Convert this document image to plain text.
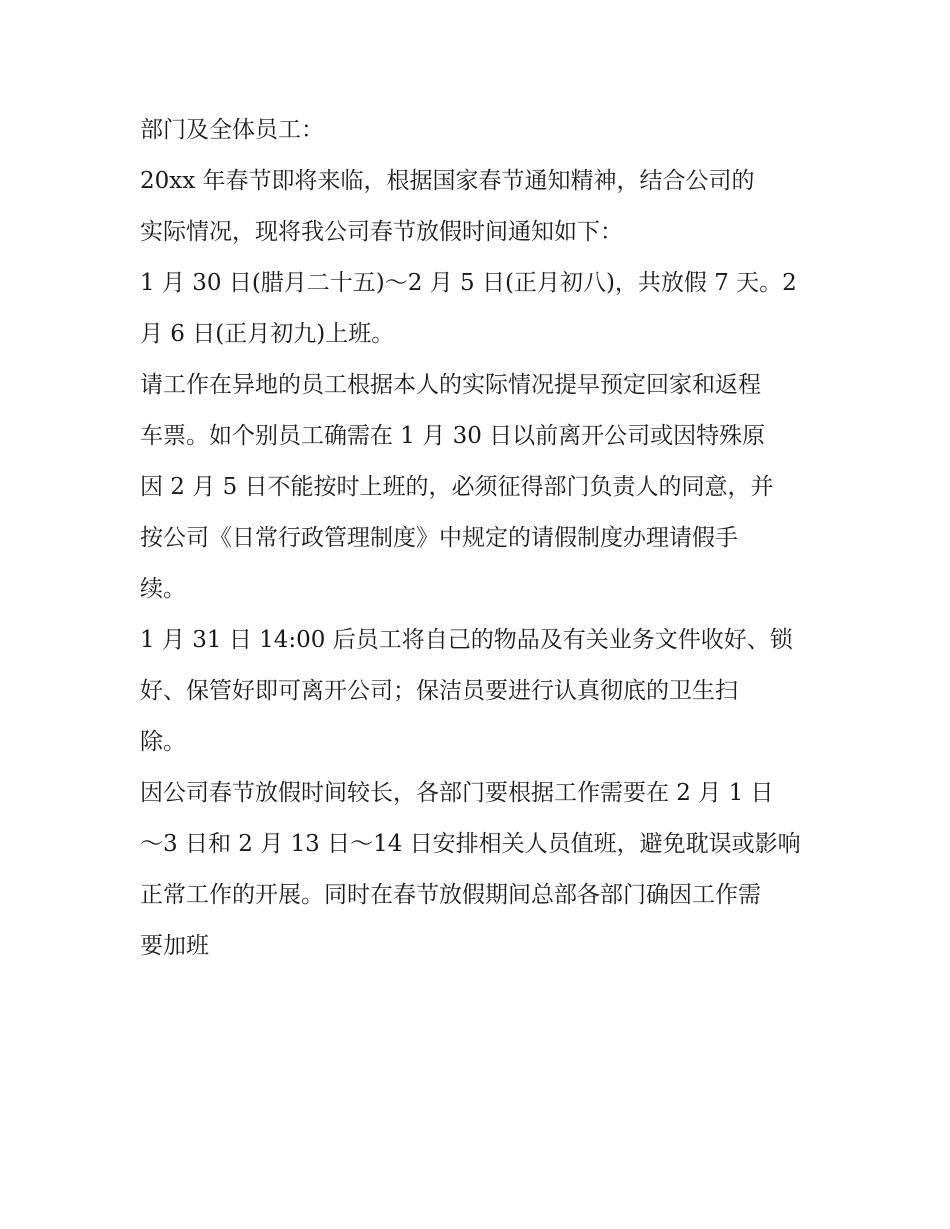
部门及全体员工：
20xx 年春节即将来临，根据国家春节通知精神，结合公司的
实际情况，现将我公司春节放假时间通知如下：
1 月 30 日(腊月二十五)～2 月 5 日(正月初八)，共放假 7 天。2
月 6 日(正月初九)上班。
请工作在异地的员工根据本人的实际情况提早预定回家和返程
车票。如个别员工确需在 1 月 30 日以前离开公司或因特殊原
因 2 月 5 日不能按时上班的，必须征得部门负责人的同意，并
按公司《日常行政管理制度》中规定的请假制度办理请假手
续。
1 月 31 日 14:00 后员工将自己的物品及有关业务文件收好、锁
好、保管好即可离开公司；保洁员要进行认真彻底的卫生扫
除。
因公司春节放假时间较长，各部门要根据工作需要在 2 月 1 日
～3 日和 2 月 13 日～14 日安排相关人员值班，避免耽误或影响
正常工作的开展。同时在春节放假期间总部各部门确因工作需
要加班
